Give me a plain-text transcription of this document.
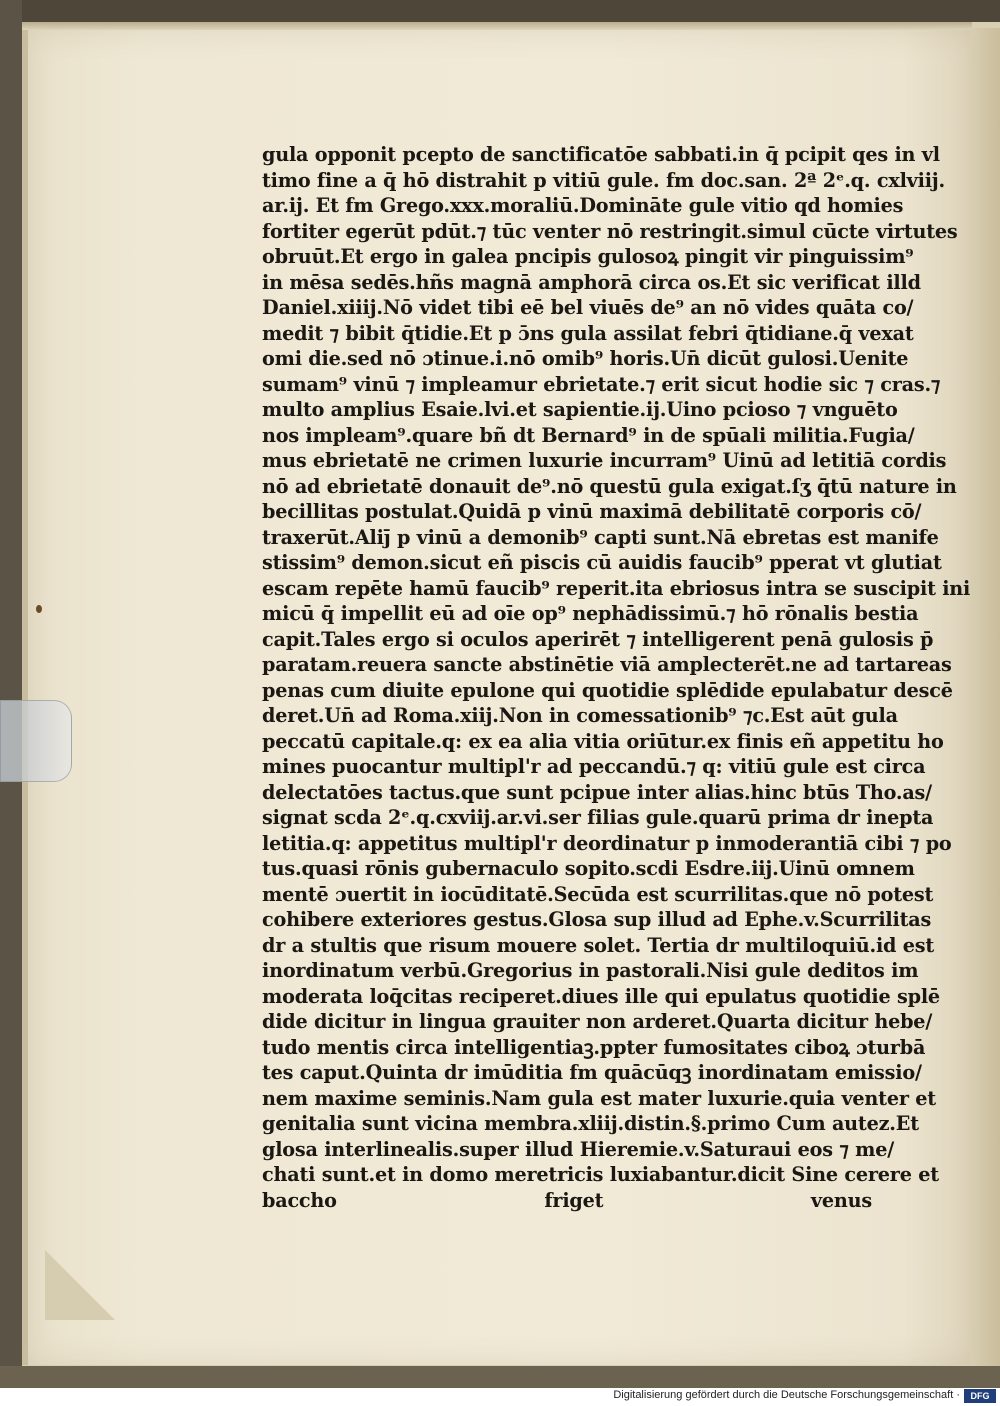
gula opponit pcepto de sanctificatōe sabbati.in q̄ pcipit qes in vl
timo fine a q̄ hō distrahit p vitiū gule. fm doc.san. 2ª 2ᵉ.q. cxlviij.
ar.ij. Et fm Grego.xxx.moraliū.Domināte gule vitio qd homies
fortiter egerūt pdūt.⁊ tūc venter nō restringit.simul cūcte virtutes
obruūt.Et ergo in galea pncipis gulosoꝝ pingit vir pinguissim⁹
in mēsa sedēs.hñs magnā amphorā circa os.Et sic verificat illd
Daniel.xiiij.Nō videt tibi eē bel viuēs de⁹ an nō vides quāta co/
medit ⁊ bibit q̄tidie.Et p ɔ̄ns gula assilat febri q̄tidiane.q̄ vexat
omi die.sed nō ɔtinue.i.nō omib⁹ horis.Un̄ dicūt gulosi.Uenite
sumam⁹ vinū ⁊ impleamur ebrietate.⁊ erit sicut hodie sic ⁊ cras.⁊
multo amplius Esaie.lvi.et sapientie.ij.Uino pcioso ⁊ vnguēto
nos impleam⁹.quare bñ dt Bernard⁹ in de spūali militia.Fugia/
mus ebrietatē ne crimen luxurie incurram⁹ Uinū ad letitiā cordis
nō ad ebrietatē donauit de⁹.nō questū gula exigat.ſʒ q̄tū nature in
becillitas postulat.Quidā p vinū maximā debilitatē corporis cō/
traxerūt.Aliȷ̄ p vinū a demonib⁹ capti sunt.Nā ebretas est manife
stissim⁹ demon.sicut eñ piscis cū auidis faucib⁹ pperat vt glutiat
escam repēte hamū faucib⁹ reperit.ita ebriosus intra se suscipit ini
micū q̄ impellit eū ad oīe op⁹ nephādissimū.⁊ hō rōnalis bestia
capit.Tales ergo si oculos aperirēt ⁊ intelligerent penā gulosis p̄
paratam.reuera sancte abstinētie viā amplecterēt.ne ad tartareas
penas cum diuite epulone qui quotidie splēdide epulabatur descē
deret.Un̄ ad Roma.xiij.Non in comessationib⁹ ⁊c.Est aūt gula
peccatū capitale.q: ex ea alia vitia oriūtur.ex finis eñ appetitu ho
mines puocantur multipl'r ad peccandū.⁊ q: vitiū gule est circa
delectatōes tactus.que sunt pcipue inter alias.hinc btūs Tho.as/
signat scda 2ᵉ.q.cxviij.ar.vi.ser filias gule.quarū prima dr inepta
letitia.q: appetitus multipl'r deordinatur p inmoderantiā cibi ⁊ po
tus.quasi rōnis gubernaculo sopito.scdi Esdre.iij.Uinū omnem
mentē ɔuertit in iocūditatē.Secūda est scurrilitas.que nō potest
cohibere exteriores gestus.Glosa sup illud ad Ephe.v.Scurrilitas
dr a stultis que risum mouere solet. Tertia dr multiloquiū.id est
inordinatum verbū.Gregorius in pastorali.Nisi gule deditos im
moderata loq̄citas reciperet.diues ille qui epulatus quotidie splē
dide dicitur in lingua grauiter non arderet.Quarta dicitur hebe/
tudo mentis circa intelligentiaꝫ.ppter fumositates ciboꝝ ɔturbā
tes caput.Quinta dr imūditia fm quācūqꝫ inordinatam emissio/
nem maxime seminis.Nam gula est mater luxurie.quia venter et
genitalia sunt vicina membra.xliij.distin.§.primo Cum autez.Et
glosa interlinealis.super illud Hieremie.v.Saturaui eos ⁊ me/
chati sunt.et in domo meretricis luxiabantur.dicit Sine cerere et
baccho friget venus
Digitalisierung gefördert durch die Deutsche Forschungsgemeinschaft ·	DFG
